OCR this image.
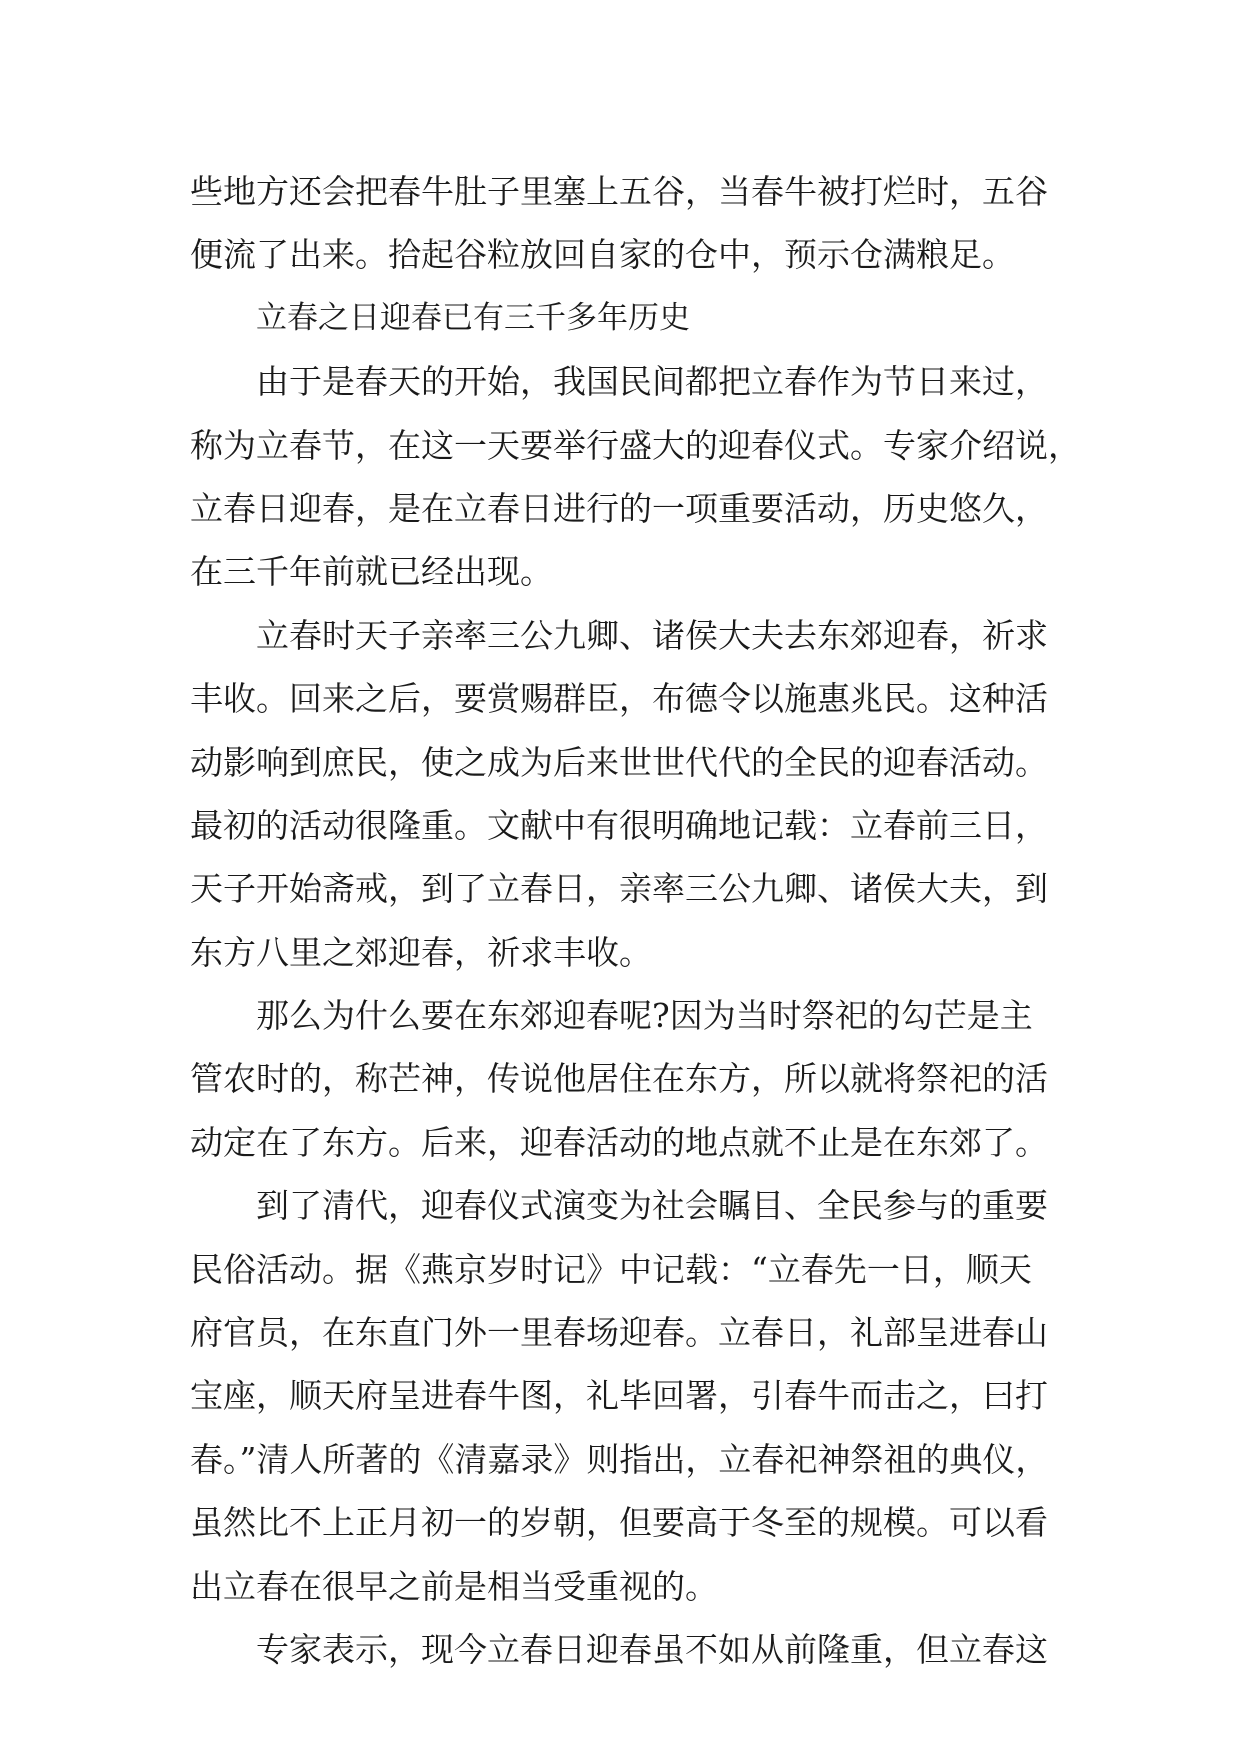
些地方还会把春牛肚子里塞上五谷，当春牛被打烂时，五谷
便流了出来。拾起谷粒放回自家的仓中，预示仓满粮足。
立春之日迎春已有三千多年历史
由于是春天的开始，我国民间都把立春作为节日来过，
称为立春节，在这一天要举行盛大的迎春仪式。专家介绍说，
立春日迎春，是在立春日进行的一项重要活动，历史悠久，
在三千年前就已经出现。
立春时天子亲率三公九卿、诸侯大夫去东郊迎春，祈求
丰收。回来之后，要赏赐群臣，布德令以施惠兆民。这种活
动影响到庶民，使之成为后来世世代代的全民的迎春活动。
最初的活动很隆重。文献中有很明确地记载：立春前三日，
天子开始斋戒，到了立春日，亲率三公九卿、诸侯大夫，到
东方八里之郊迎春，祈求丰收。
那么为什么要在东郊迎春呢?因为当时祭祀的勾芒是主
管农时的，称芒神，传说他居住在东方，所以就将祭祀的活
动定在了东方。后来，迎春活动的地点就不止是在东郊了。
到了清代，迎春仪式演变为社会瞩目、全民参与的重要
民俗活动。据《燕京岁时记》中记载：“立春先一日，顺天
府官员，在东直门外一里春场迎春。立春日，礼部呈进春山
宝座，顺天府呈进春牛图，礼毕回署，引春牛而击之，曰打
春。”清人所著的《清嘉录》则指出，立春祀神祭祖的典仪，
虽然比不上正月初一的岁朝，但要高于冬至的规模。可以看
出立春在很早之前是相当受重视的。
专家表示，现今立春日迎春虽不如从前隆重，但立春这
